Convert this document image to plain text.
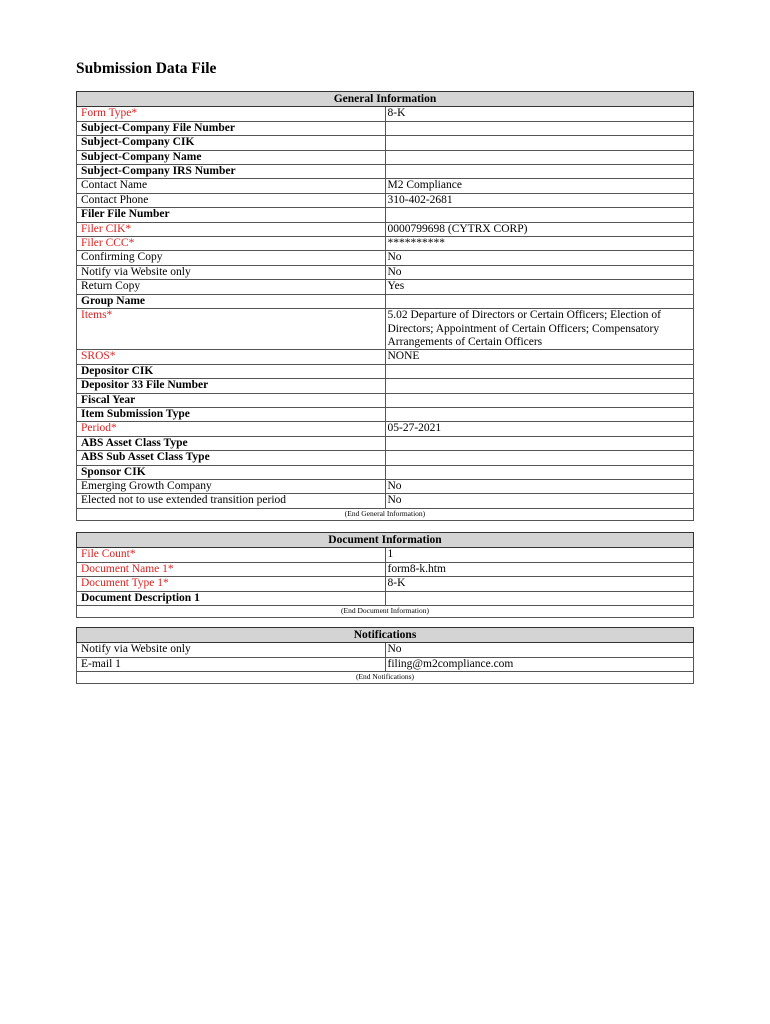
Submission Data File
General Information	
Form Type*	8-K
Subject-Company File Number	
Subject-Company CIK	
Subject-Company Name	
Subject-Company IRS Number	
Contact Name	M2 Compliance
Contact Phone	310-402-2681
Filer File Number	
Filer CIK*	0000799698 (CYTRX CORP)
Filer CCC*	**********
Confirming Copy	No
Notify via Website only	No
Return Copy	Yes
Group Name	
Items*	5.02 Departure of Directors or Certain Officers; Election of Directors; Appointment of Certain Officers; Compensatory Arrangements of Certain Officers
SROS*	NONE
Depositor CIK	
Depositor 33 File Number	
Fiscal Year	
Item Submission Type	
Period*	05-27-2021
ABS Asset Class Type	
ABS Sub Asset Class Type	
Sponsor CIK	
Emerging Growth Company	No
Elected not to use extended transition period	No
(End General Information)
Document Information	
File Count*	1
Document Name 1*	form8-k.htm
Document Type 1*	8-K
Document Description 1	
(End Document Information)
Notifications	
Notify via Website only	No
E-mail 1	filing@m2compliance.com
(End Notifications)
